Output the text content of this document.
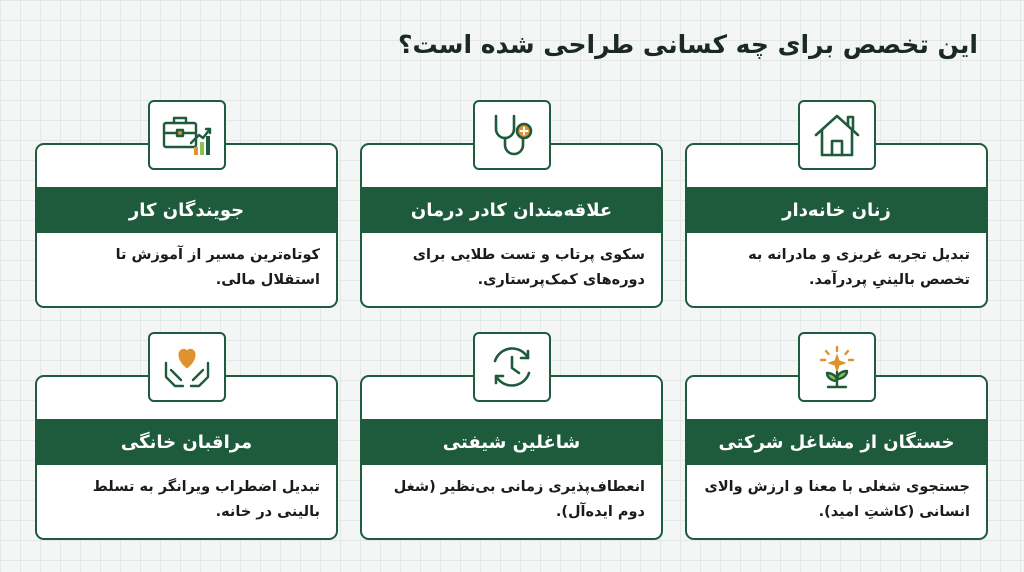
این تخصص برای چه کسانی طراحی شده است؟
زنان خانه‌دار
تبدیل تجربه غریزی و مادرانه به تخصص بالینیِ پردرآمد.
علاقه‌مندان کادر درمان
سکوی پرتاب و تست طلایی برای دوره‌های کمک‌پرستاری.
جویندگان کار
کوتاه‌ترین مسیر از آموزش تا استقلال مالی.
خستگان از مشاغل شرکتی
جستجوی شغلی با معنا و ارزش والای انسانی (کاشتِ امید).
شاغلین شیفتی
انعطاف‌پذیری زمانی بی‌نظیر (شغل دوم ایده‌آل).
مراقبان خانگی
تبدیل اضطراب ویرانگر به تسلط بالینی در خانه.
